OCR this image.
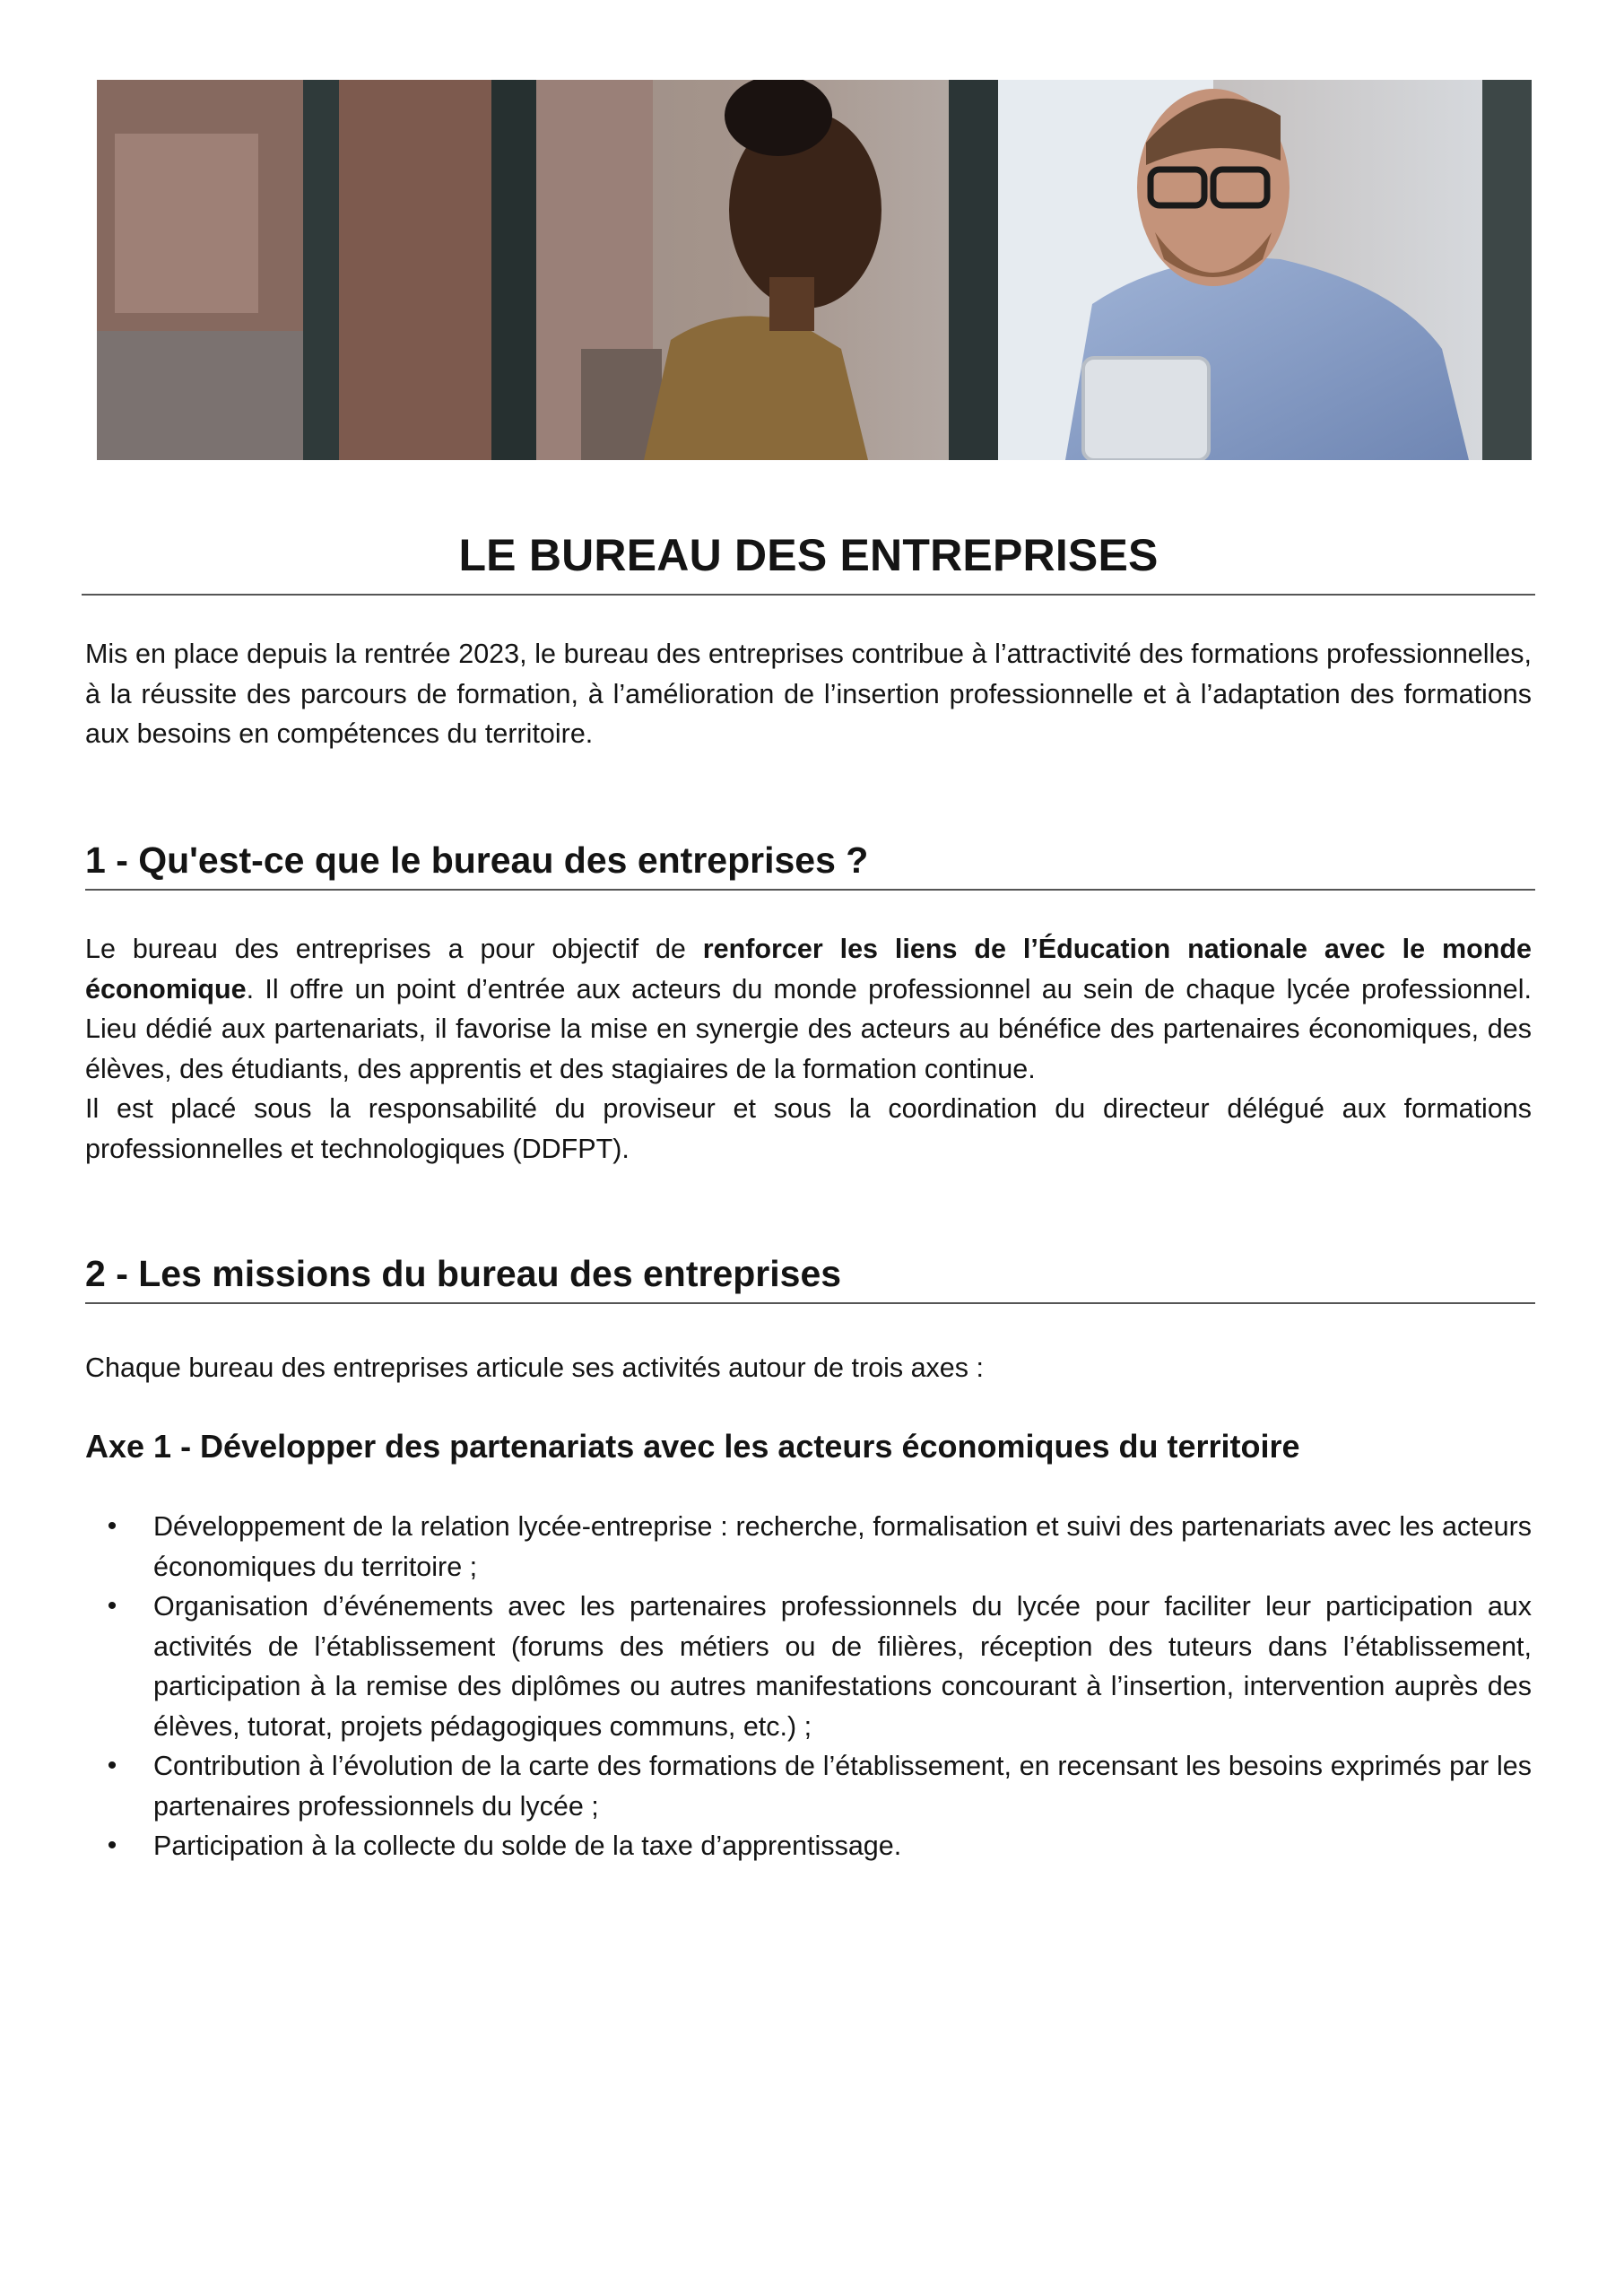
LE BUREAU DES ENTREPRISES

Mis en place depuis la rentrée 2023, le bureau des entreprises contribue à l’attractivité des formations professionnelles, à la réussite des parcours de formation, à l’amélioration de l’insertion professionnelle et à l’adaptation des formations aux besoins en compétences du territoire.

1 - Qu'est-ce que le bureau des entreprises ?

Le bureau des entreprises a pour objectif de renforcer les liens de l’Éducation nationale avec le monde économique. Il offre un point d’entrée aux acteurs du monde professionnel au sein de chaque lycée professionnel. Lieu dédié aux partenariats, il favorise la mise en synergie des acteurs au bénéfice des partenaires économiques, des élèves, des étudiants, des apprentis et des stagiaires de la formation continue.

Il est placé sous la responsabilité du proviseur et sous la coordination du directeur délégué aux formations professionnelles et technologiques (DDFPT).

2 - Les missions du bureau des entreprises

Chaque bureau des entreprises articule ses activités autour de trois axes :

Axe 1 - Développer des partenariats avec les acteurs économiques du territoire
• Développement de la relation lycée-entreprise : recherche, formalisation et suivi des partenariats avec les acteurs économiques du territoire ;
• Organisation d’événements avec les partenaires professionnels du lycée pour faciliter leur participation aux activités de l’établissement (forums des métiers ou de filières, réception des tuteurs dans l’établissement, participation à la remise des diplômes ou autres manifestations concourant à l’insertion, intervention auprès des élèves, tutorat, projets pédagogiques communs, etc.) ;
• Contribution à l’évolution de la carte des formations de l’établissement, en recensant les besoins exprimés par les partenaires professionnels du lycée ;
• Participation à la collecte du solde de la taxe d’apprentissage.
